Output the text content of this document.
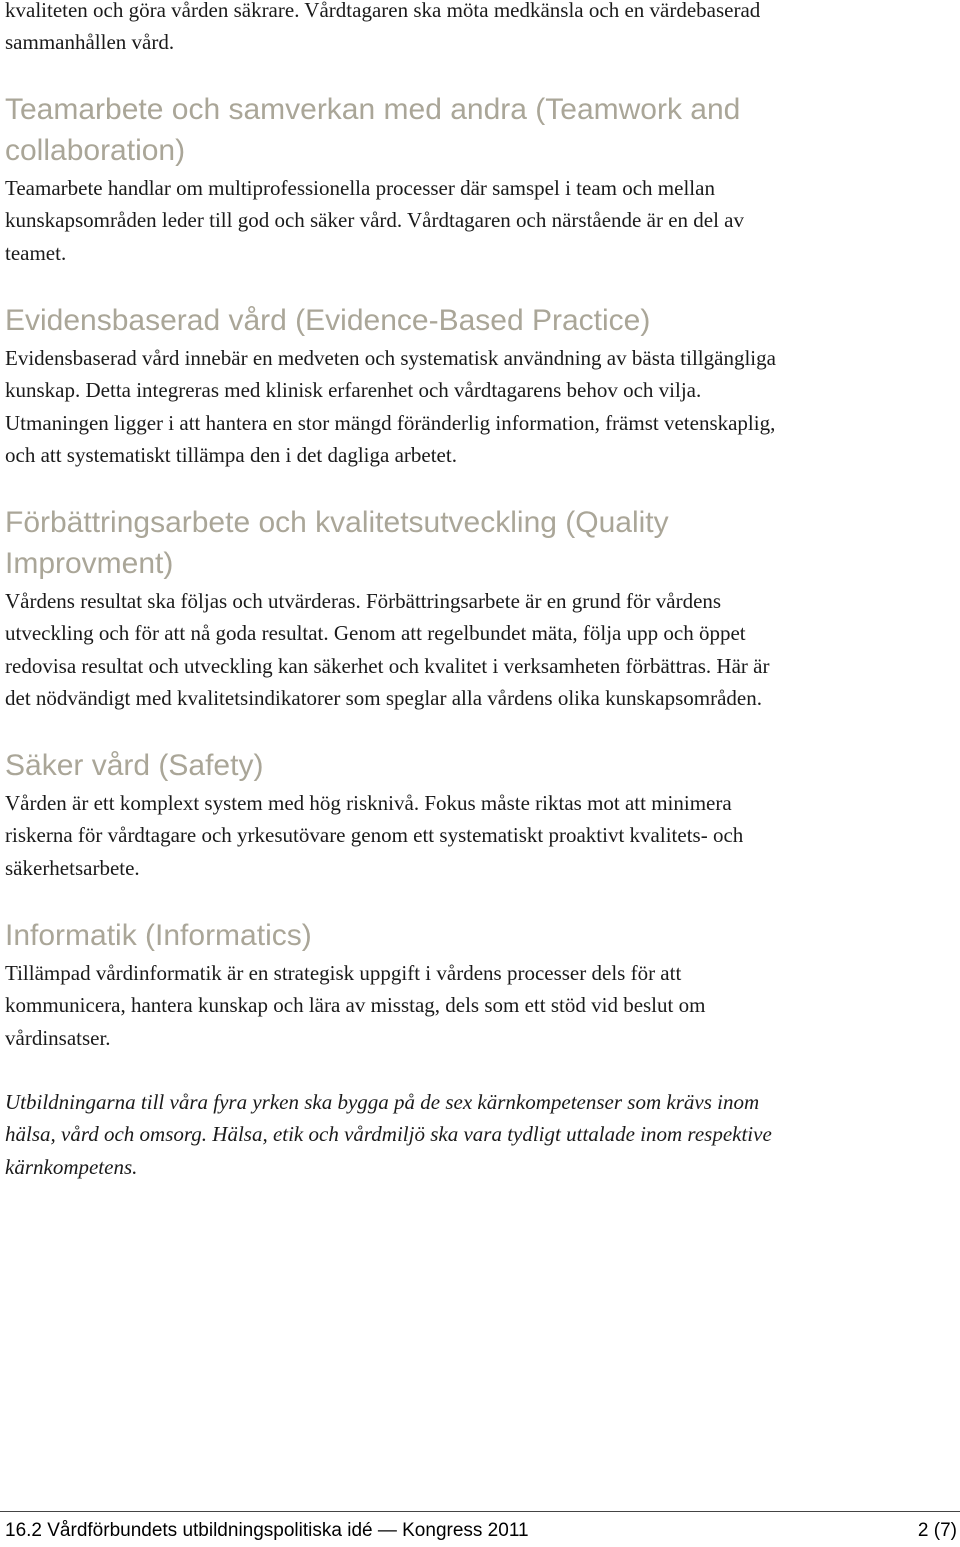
kvaliteten och göra vården säkrare. Vårdtagaren ska möta medkänsla och en värdebaserad
sammanhållen vård.

Teamarbete och samverkan med andra (Teamwork and
collaboration)

Teamarbete handlar om multiprofessionella processer där samspel i team och mellan
kunskapsområden leder till god och säker vård. Vårdtagaren och närstående är en del av
teamet.

Evidensbaserad vård (Evidence-Based Practice)

Evidensbaserad vård innebär en medveten och systematisk användning av bästa tillgängliga
kunskap. Detta integreras med klinisk erfarenhet och vårdtagarens behov och vilja.
Utmaningen ligger i att hantera en stor mängd föränderlig information, främst vetenskaplig,
och att systematiskt tillämpa den i det dagliga arbetet.

Förbättringsarbete och kvalitetsutveckling (Quality
Improvment)

Vårdens resultat ska följas och utvärderas. Förbättringsarbete är en grund för vårdens
utveckling och för att nå goda resultat. Genom att regelbundet mäta, följa upp och öppet
redovisa resultat och utveckling kan säkerhet och kvalitet i verksamheten förbättras. Här är
det nödvändigt med kvalitetsindikatorer som speglar alla vårdens olika kunskapsområden.

Säker vård (Safety)

Vården är ett komplext system med hög risknivå. Fokus måste riktas mot att minimera
riskerna för vårdtagare och yrkesutövare genom ett systematiskt proaktivt kvalitets- och
säkerhetsarbete.

Informatik (Informatics)

Tillämpad vårdinformatik är en strategisk uppgift i vårdens processer dels för att
kommunicera, hantera kunskap och lära av misstag, dels som ett stöd vid beslut om
vårdinsatser.

Utbildningarna till våra fyra yrken ska bygga på de sex kärnkompetenser som krävs inom
hälsa, vård och omsorg. Hälsa, etik och vårdmiljö ska vara tydligt uttalade inom respektive
kärnkompetens.

16.2 Vårdförbundets utbildningspolitiska idé — Kongress 2011	2 (7)
